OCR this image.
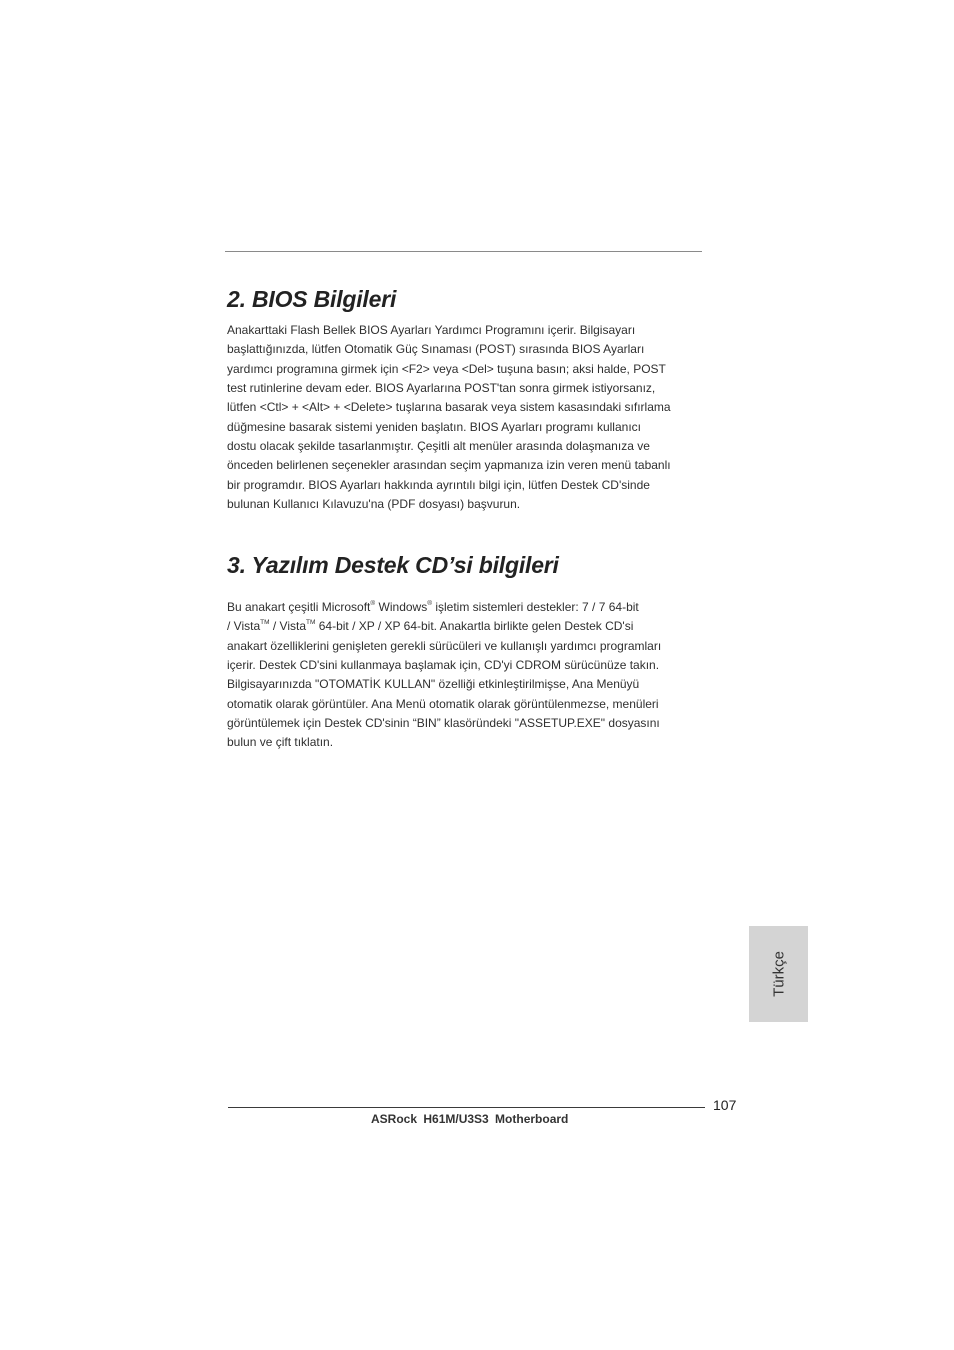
2. BIOS Bilgileri
Anakarttaki Flash Bellek BIOS Ayarları Yardımcı Programını içerir. Bilgisayarı
başlattığınızda, lütfen Otomatik Güç Sınaması (POST) sırasında BIOS Ayarları
yardımcı programına girmek için <F2> veya <Del> tuşuna basın; aksi halde, POST
test rutinlerine devam eder. BIOS Ayarlarına POST'tan sonra girmek istiyorsanız,
lütfen <Ctl> + <Alt> + <Delete> tuşlarına basarak veya sistem kasasındaki sıfırlama
düğmesine basarak sistemi yeniden başlatın. BIOS Ayarları programı kullanıcı
dostu olacak şekilde tasarlanmıştır. Çeşitli alt menüler arasında dolaşmanıza ve
önceden belirlenen seçenekler arasından seçim yapmanıza izin veren menü tabanlı
bir programdır. BIOS Ayarları hakkında ayrıntılı bilgi için, lütfen Destek CD'sinde
bulunan Kullanıcı Kılavuzu'na (PDF dosyası) başvurun.
3. Yazılım Destek CD’si bilgileri
Bu anakart çeşitli Microsoft® Windows® işletim sistemleri destekler: 7 / 7 64-bit
/ Vista™ / Vista™ 64-bit / XP / XP 64-bit. Anakartla birlikte gelen Destek CD'si
anakart özelliklerini genişleten gerekli sürücüleri ve kullanışlı yardımcı programları
içerir. Destek CD'sini kullanmaya başlamak için, CD'yi CDROM sürücünüze takın.
Bilgisayarınızda "OTOMATİK KULLAN" özelliği etkinleştirilmişse, Ana Menüyü
otomatik olarak görüntüler. Ana Menü otomatik olarak görüntülenmezse, menüleri
görüntülemek için Destek CD'sinin “BIN” klasöründeki "ASSETUP.EXE" dosyasını
bulun ve çift tıklatın.
Türkçe
107
ASRock H61M/U3S3 Motherboard
